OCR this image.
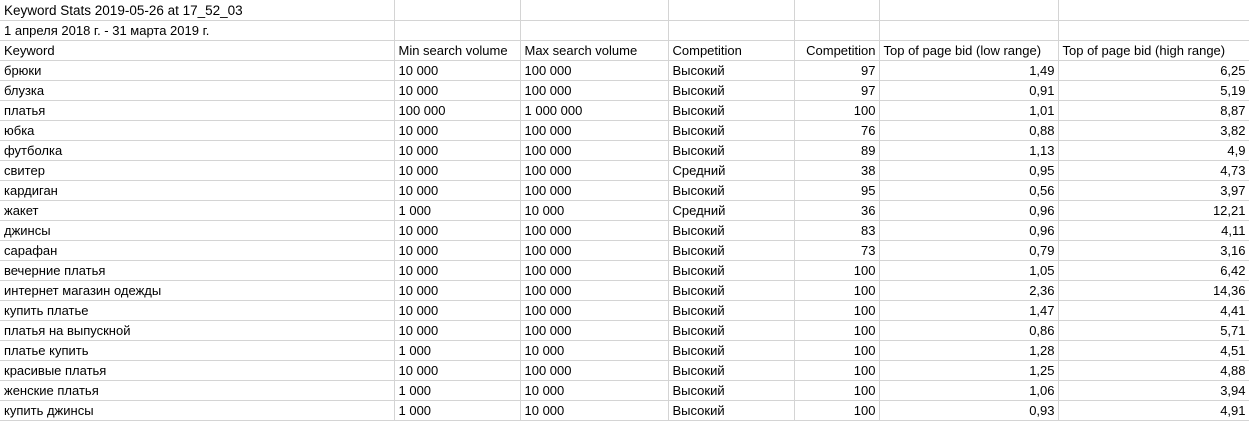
Keyword Stats 2019-05-26 at 17_52_03						
1 апреля 2018 г. - 31 марта 2019 г.						
Keyword	Min search volume	Max search volume	Competition	Competition	Top of page bid (low range)	Top of page bid (high range)
брюки	10 000	100 000	Высокий	97	1,49	6,25
блузка	10 000	100 000	Высокий	97	0,91	5,19
платья	100 000	1 000 000	Высокий	100	1,01	8,87
юбка	10 000	100 000	Высокий	76	0,88	3,82
футболка	10 000	100 000	Высокий	89	1,13	4,9
свитер	10 000	100 000	Средний	38	0,95	4,73
кардиган	10 000	100 000	Высокий	95	0,56	3,97
жакет	1 000	10 000	Средний	36	0,96	12,21
джинсы	10 000	100 000	Высокий	83	0,96	4,11
сарафан	10 000	100 000	Высокий	73	0,79	3,16
вечерние платья	10 000	100 000	Высокий	100	1,05	6,42
интернет магазин одежды	10 000	100 000	Высокий	100	2,36	14,36
купить платье	10 000	100 000	Высокий	100	1,47	4,41
платья на выпускной	10 000	100 000	Высокий	100	0,86	5,71
платье купить	1 000	10 000	Высокий	100	1,28	4,51
красивые платья	10 000	100 000	Высокий	100	1,25	4,88
женские платья	1 000	10 000	Высокий	100	1,06	3,94
купить джинсы	1 000	10 000	Высокий	100	0,93	4,91
